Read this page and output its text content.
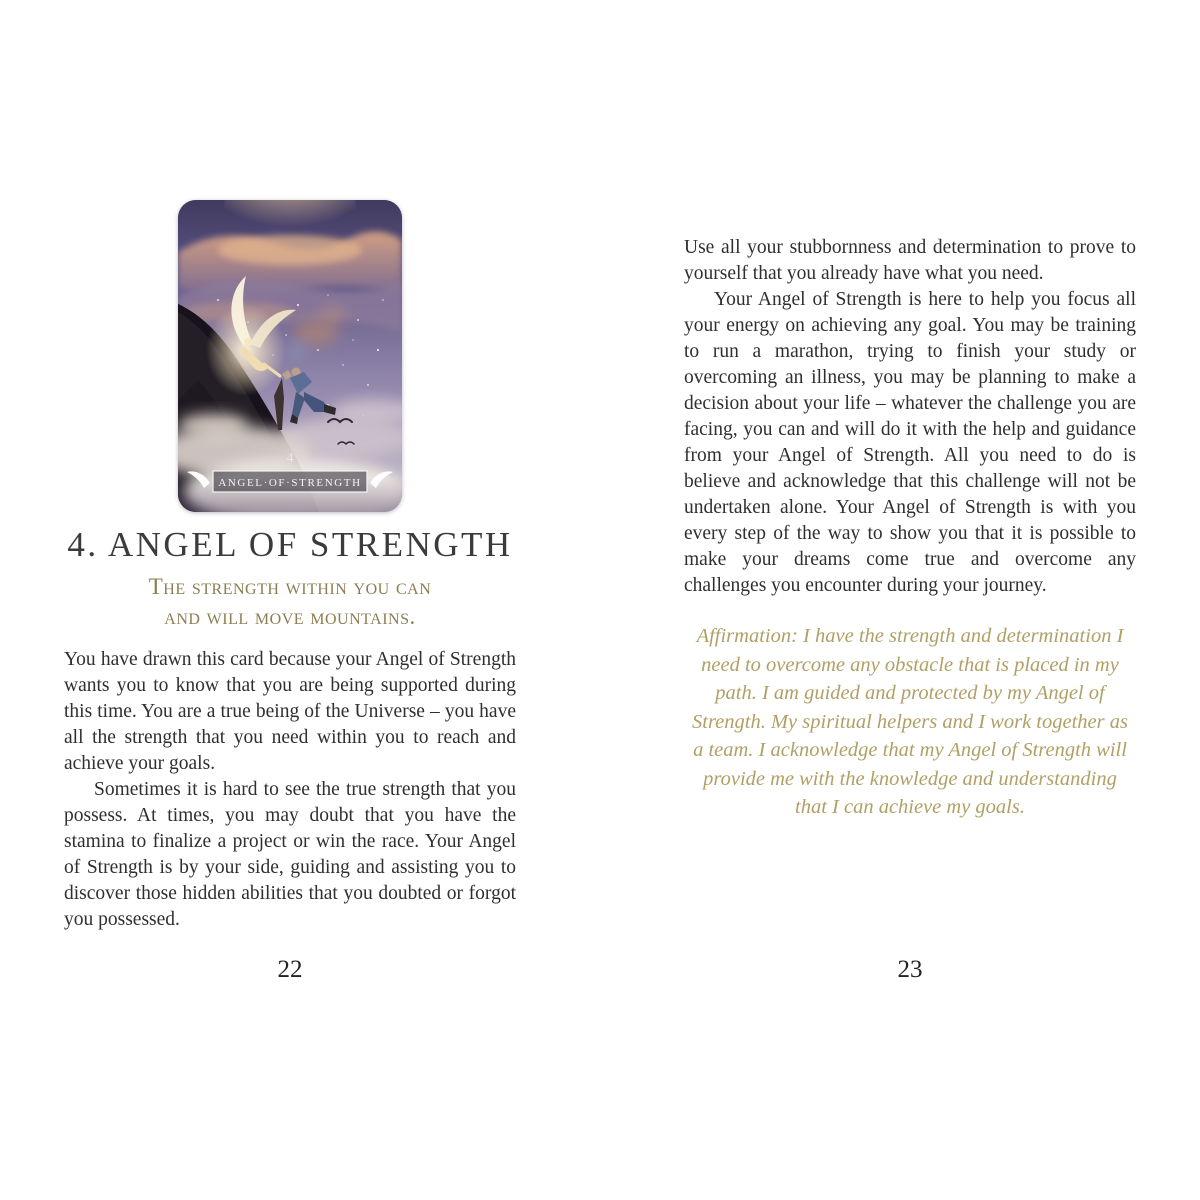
4
ANGEL·OF·STRENGTH
4. ANGEL OF STRENGTH
The strength within you can
and will move mountains.

You have drawn this card because your Angel of Strength wants you to know that you are being supported during this time. You are a true being of the Universe – you have all the strength that you need within you to reach and achieve your goals.

Sometimes it is hard to see the true strength that you possess. At times, you may doubt that you have the stamina to finalize a project or win the race. Your Angel of Strength is by your side, guiding and assisting you to discover those hidden abilities that you doubted or forgot you possessed.

22

Use all your stubbornness and determination to prove to yourself that you already have what you need.

Your Angel of Strength is here to help you focus all your energy on achieving any goal. You may be training to run a marathon, trying to finish your study or overcoming an illness, you may be planning to make a decision about your life – whatever the challenge you are facing, you can and will do it with the help and guidance from your Angel of Strength. All you need to do is believe and acknowledge that this challenge will not be undertaken alone. Your Angel of Strength is with you every step of the way to show you that it is possible to make your dreams come true and overcome any challenges you encounter during your journey.

Affirmation: I have the strength and determination I need to overcome any obstacle that is placed in my path. I am guided and protected by my Angel of Strength. My spiritual helpers and I work together as a team. I acknowledge that my Angel of Strength will provide me with the knowledge and understanding that I can achieve my goals.
23
